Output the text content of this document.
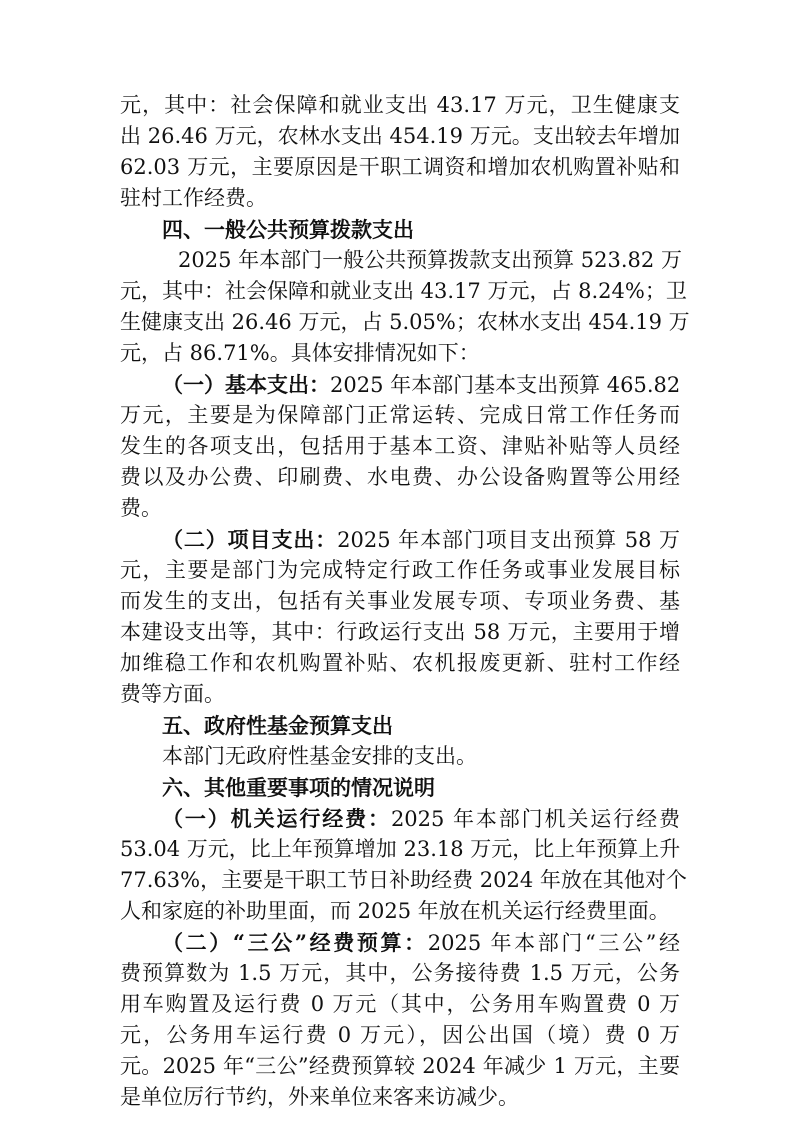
元，其中：社会保障和就业支出 43.17 万元，卫生健康支
出 26.46 万元，农林水支出 454.19 万元。支出较去年增加
62.03 万元，主要原因是干职工调资和增加农机购置补贴和
驻村工作经费。
四、一般公共预算拨款支出
2025 年本部门一般公共预算拨款支出预算 523.82 万
元，其中：社会保障和就业支出 43.17 万元，占 8.24%；卫
生健康支出 26.46 万元，占 5.05%；农林水支出 454.19 万
元，占 86.71%。具体安排情况如下：
（一）基本支出：2025 年本部门基本支出预算 465.82
万元，主要是为保障部门正常运转、完成日常工作任务而
发生的各项支出，包括用于基本工资、津贴补贴等人员经
费以及办公费、印刷费、水电费、办公设备购置等公用经
费。
（二）项目支出：2025 年本部门项目支出预算 58 万
元，主要是部门为完成特定行政工作任务或事业发展目标
而发生的支出，包括有关事业发展专项、专项业务费、基
本建设支出等，其中：行政运行支出 58 万元，主要用于增
加维稳工作和农机购置补贴、农机报废更新、驻村工作经
费等方面。
五、政府性基金预算支出
本部门无政府性基金安排的支出。
六、其他重要事项的情况说明
（一）机关运行经费：2025 年本部门机关运行经费
53.04 万元，比上年预算增加 23.18 万元，比上年预算上升
77.63%，主要是干职工节日补助经费 2024 年放在其他对个
人和家庭的补助里面，而 2025 年放在机关运行经费里面。
（二）“三公”经费预算：2025 年本部门“三公”经
费预算数为 1.5 万元，其中，公务接待费 1.5 万元，公务
用车购置及运行费 0 万元（其中，公务用车购置费 0 万
元，公务用车运行费 0 万元），因公出国（境）费 0 万
元。2025 年“三公”经费预算较 2024 年减少 1 万元，主要
是单位厉行节约，外来单位来客来访减少。
